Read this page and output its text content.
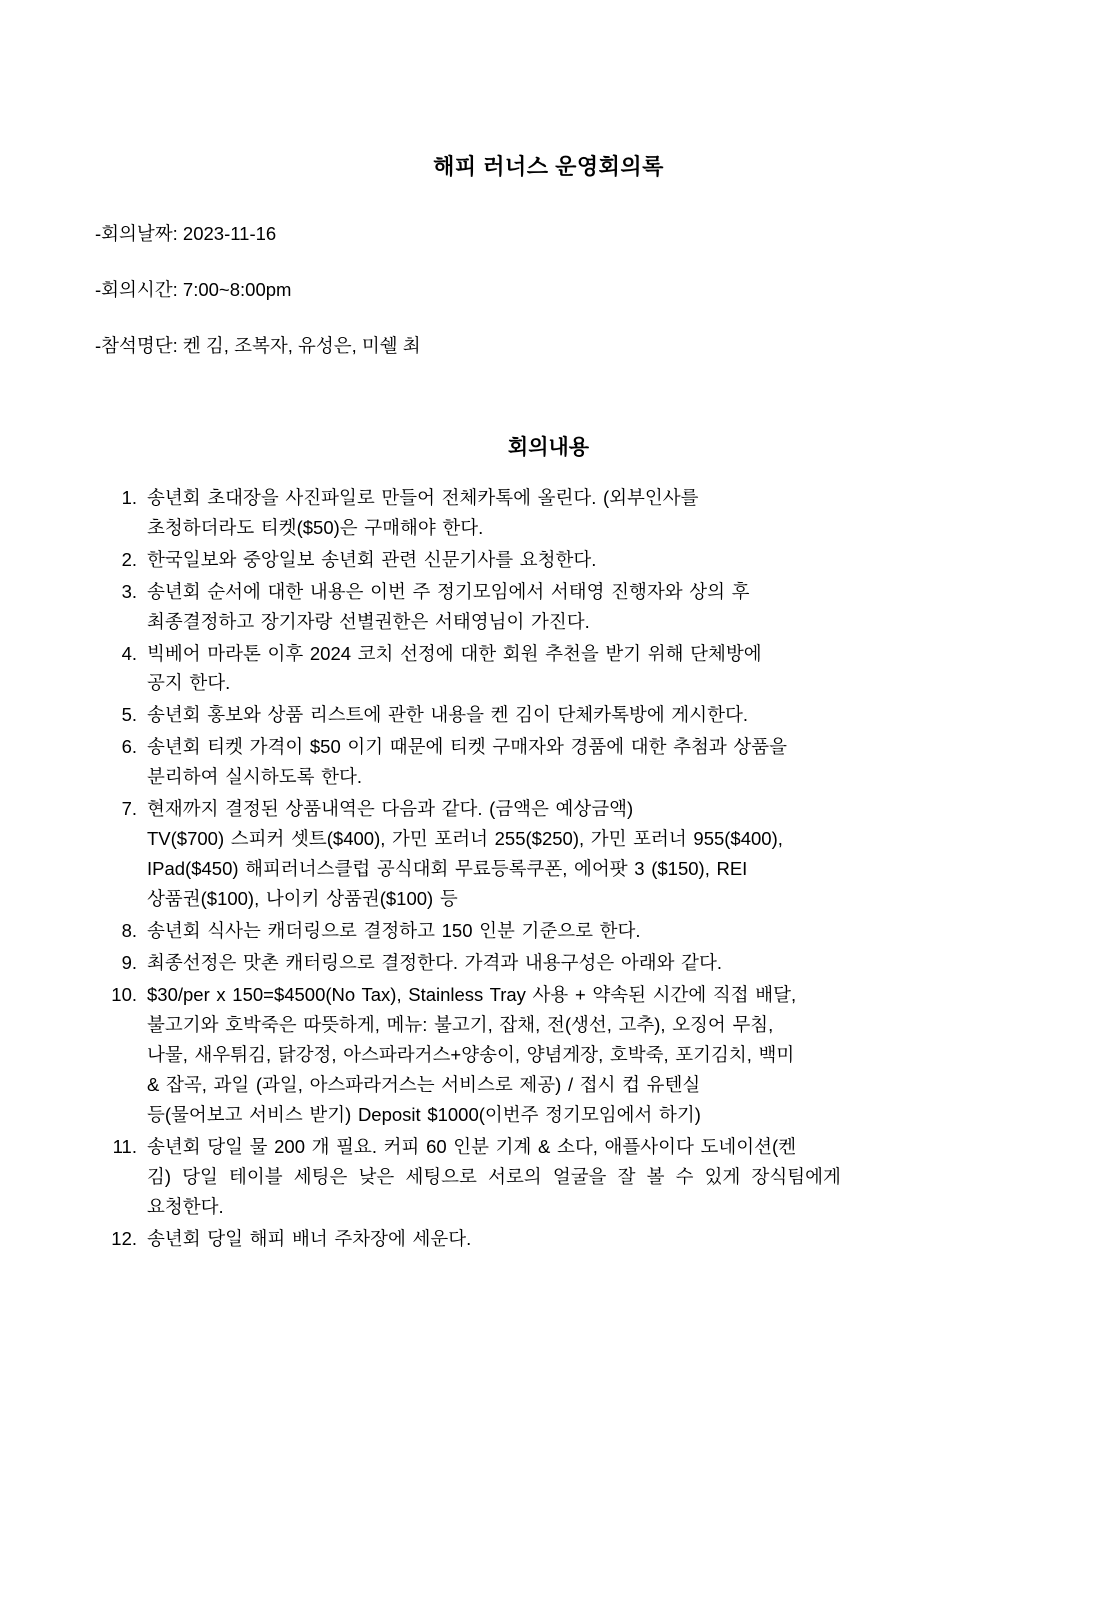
해피 러너스 운영회의록

-회의날짜: 2023-11-16

-회의시간: 7:00~8:00pm

-참석명단: 켄 김, 조복자, 유성은, 미쉘 최

회의내용
1. 송년회 초대장을 사진파일로 만들어 전체카톡에 올린다. (외부인사를
초청하더라도 티켓($50)은 구매해야 한다.
2. 한국일보와 중앙일보 송년회 관련 신문기사를 요청한다.
3. 송년회 순서에 대한 내용은 이번 주 정기모임에서 서태영 진행자와 상의 후
최종결정하고 장기자랑 선별권한은 서태영님이 가진다.
4. 빅베어 마라톤 이후 2024 코치 선정에 대한 회원 추천을 받기 위해 단체방에
공지 한다.
5. 송년회 홍보와 상품 리스트에 관한 내용을 켄 김이 단체카톡방에 게시한다.
6. 송년회 티켓 가격이 $50 이기 때문에 티켓 구매자와 경품에 대한 추첨과 상품을
분리하여 실시하도록 한다.
7. 현재까지 결정된 상품내역은 다음과 같다. (금액은 예상금액)
TV($700) 스피커 셋트($400), 가민 포러너 255($250), 가민 포러너 955($400),
IPad($450) 해피러너스클럽 공식대회 무료등록쿠폰, 에어팟 3 ($150), REI
상품권($100), 나이키 상품권($100) 등
8. 송년회 식사는 캐더링으로 결정하고 150 인분 기준으로 한다.
9. 최종선정은 맛촌 캐터링으로 결정한다. 가격과 내용구성은 아래와 같다.
10. $30/per x 150=$4500(No Tax), Stainless Tray 사용 + 약속된 시간에 직접 배달,
불고기와 호박죽은 따뜻하게, 메뉴: 불고기, 잡채, 전(생선, 고추), 오징어 무침,
나물, 새우튀김, 닭강정, 아스파라거스+양송이, 양념게장, 호박죽, 포기김치, 백미
& 잡곡, 과일 (과일, 아스파라거스는 서비스로 제공) / 접시 컵 유텐실
등(물어보고 서비스 받기) Deposit $1000(이번주 정기모임에서 하기)
11. 송년회 당일 물 200 개 필요. 커피 60 인분 기계 & 소다, 애플사이다 도네이션(켄
김) 당일 테이블 세팅은 낮은 세팅으로 서로의 얼굴을 잘 볼 수 있게 장식팀에게
요청한다.
12. 송년회 당일 해피 배너 주차장에 세운다.
